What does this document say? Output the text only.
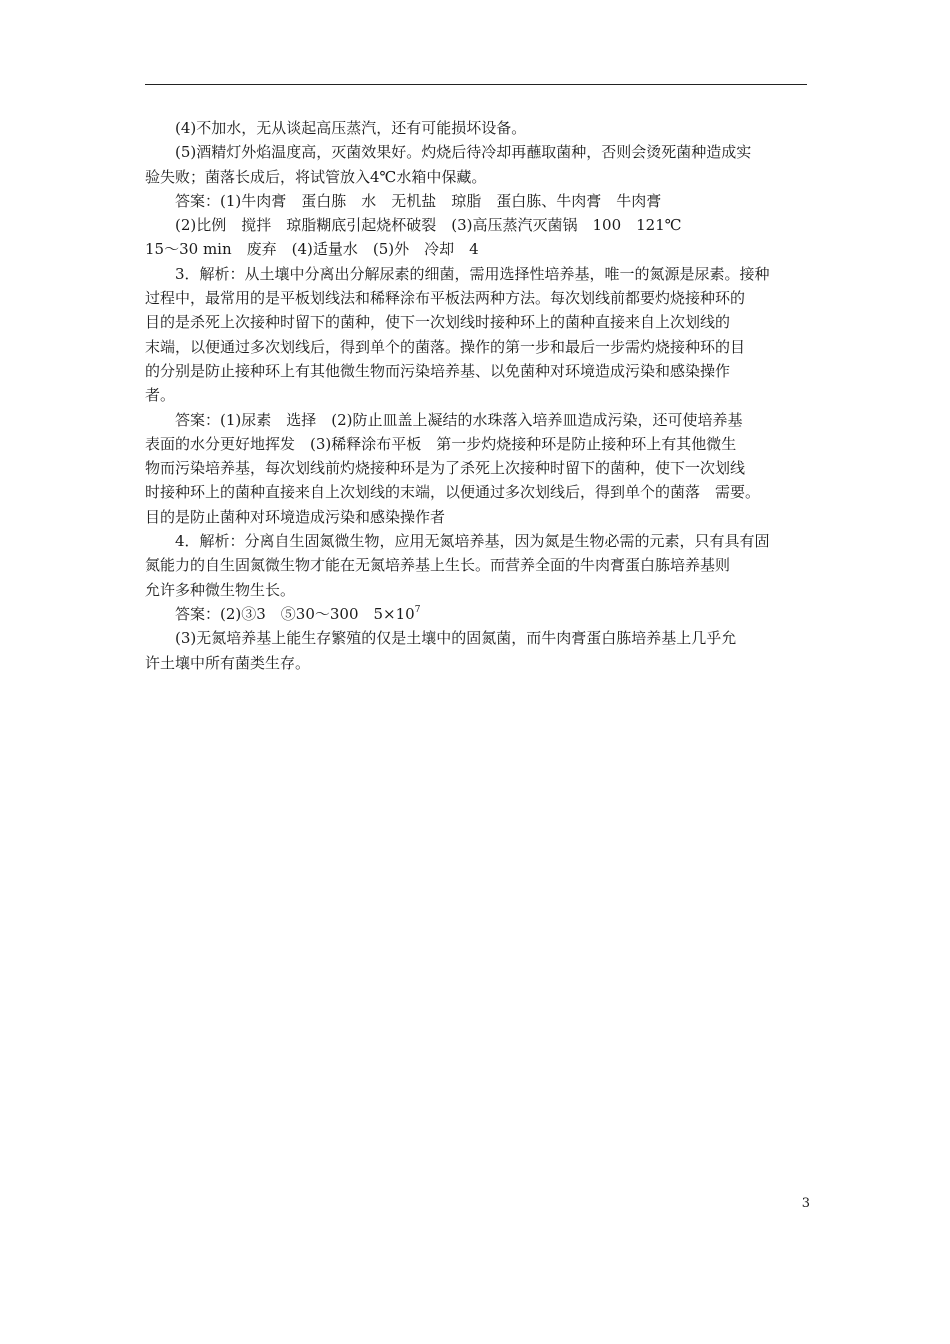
(4)不加水，无从谈起高压蒸汽，还有可能损坏设备。

(5)酒精灯外焰温度高，灭菌效果好。灼烧后待冷却再蘸取菌种，否则会烫死菌种造成实
验失败；菌落长成后，将试管放入4℃水箱中保藏。

答案：(1)牛肉膏　蛋白胨　水　无机盐　琼脂　蛋白胨、牛肉膏　牛肉膏

(2)比例　搅拌　琼脂糊底引起烧杯破裂　(3)高压蒸汽灭菌锅　100　121℃
15～30 min　废弃　(4)适量水　(5)外　冷却　4

3．解析：从土壤中分离出分解尿素的细菌，需用选择性培养基，唯一的氮源是尿素。接种
过程中，最常用的是平板划线法和稀释涂布平板法两种方法。每次划线前都要灼烧接种环的
目的是杀死上次接种时留下的菌种，使下一次划线时接种环上的菌种直接来自上次划线的
末端，以便通过多次划线后，得到单个的菌落。操作的第一步和最后一步需灼烧接种环的目
的分别是防止接种环上有其他微生物而污染培养基、以免菌种对环境造成污染和感染操作
者。

答案：(1)尿素　选择　(2)防止皿盖上凝结的水珠落入培养皿造成污染，还可使培养基
表面的水分更好地挥发　(3)稀释涂布平板　第一步灼烧接种环是防止接种环上有其他微生
物而污染培养基，每次划线前灼烧接种环是为了杀死上次接种时留下的菌种，使下一次划线
时接种环上的菌种直接来自上次划线的末端，以便通过多次划线后，得到单个的菌落　需要。
目的是防止菌种对环境造成污染和感染操作者

4．解析：分离自生固氮微生物，应用无氮培养基，因为氮是生物必需的元素，只有具有固
氮能力的自生固氮微生物才能在无氮培养基上生长。而营养全面的牛肉膏蛋白胨培养基则
允许多种微生物生长。

答案：(2)③3　⑤30～300　$5\times 10^7$

(3)无氮培养基上能生存繁殖的仅是土壤中的固氮菌，而牛肉膏蛋白胨培养基上几乎允
许土壤中所有菌类生存。

3
